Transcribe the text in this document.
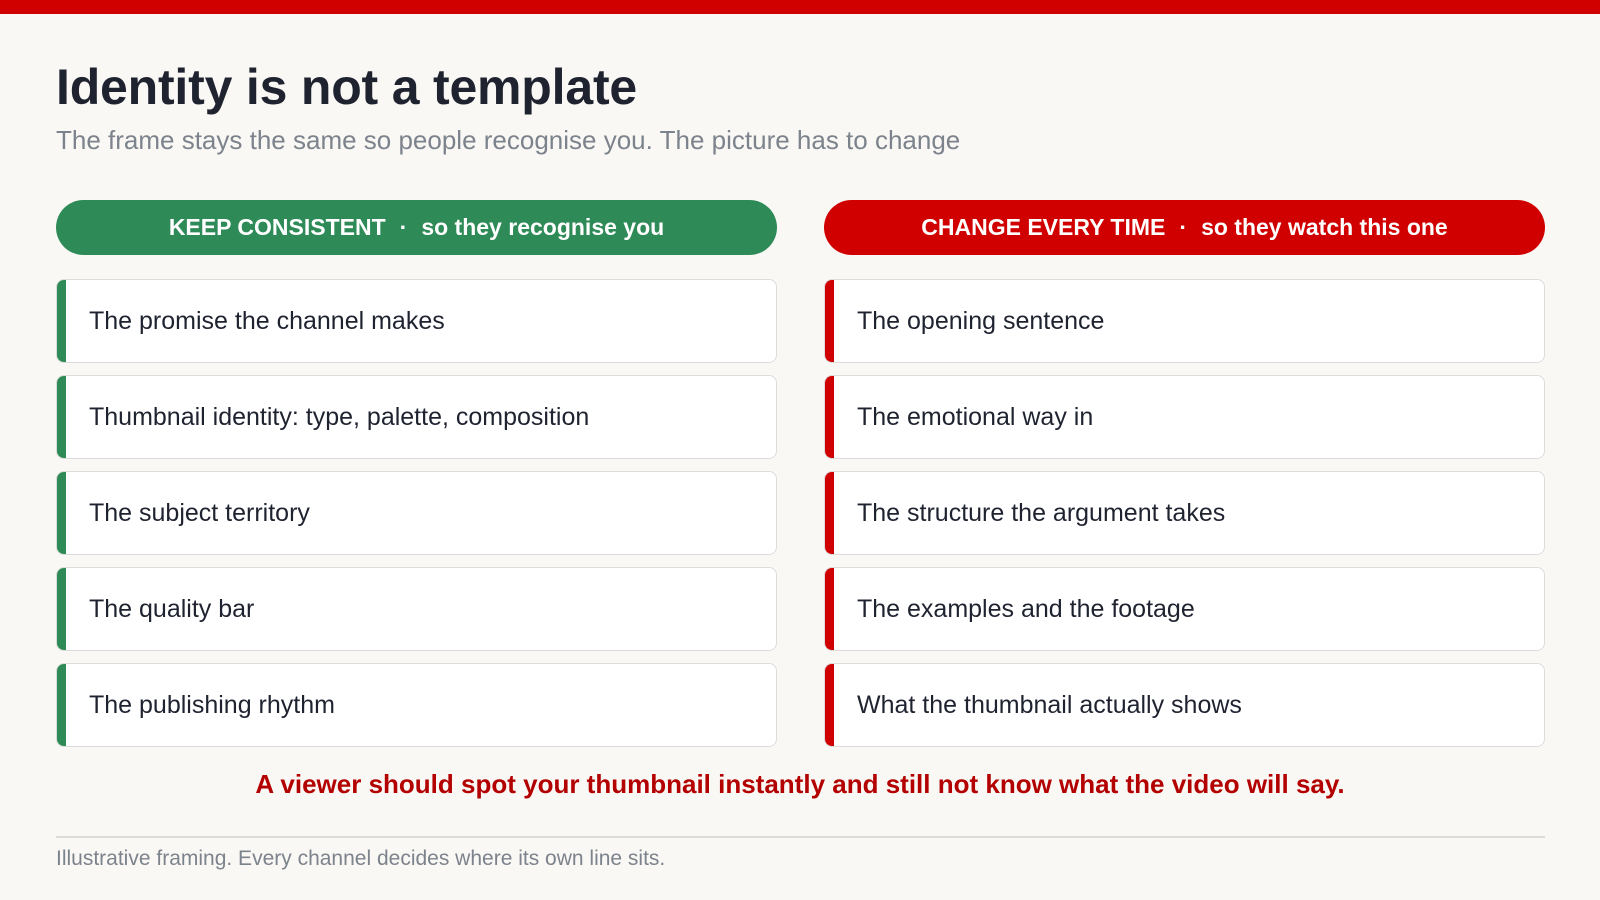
Identity is not a template
The frame stays the same so people recognise you. The picture has to change
KEEP CONSISTENT · so they recognise you
The promise the channel makes
Thumbnail identity: type, palette, composition
The subject territory
The quality bar
The publishing rhythm
CHANGE EVERY TIME · so they watch this one
The opening sentence
The emotional way in
The structure the argument takes
The examples and the footage
What the thumbnail actually shows
A viewer should spot your thumbnail instantly and still not know what the video will say.
Illustrative framing. Every channel decides where its own line sits.
